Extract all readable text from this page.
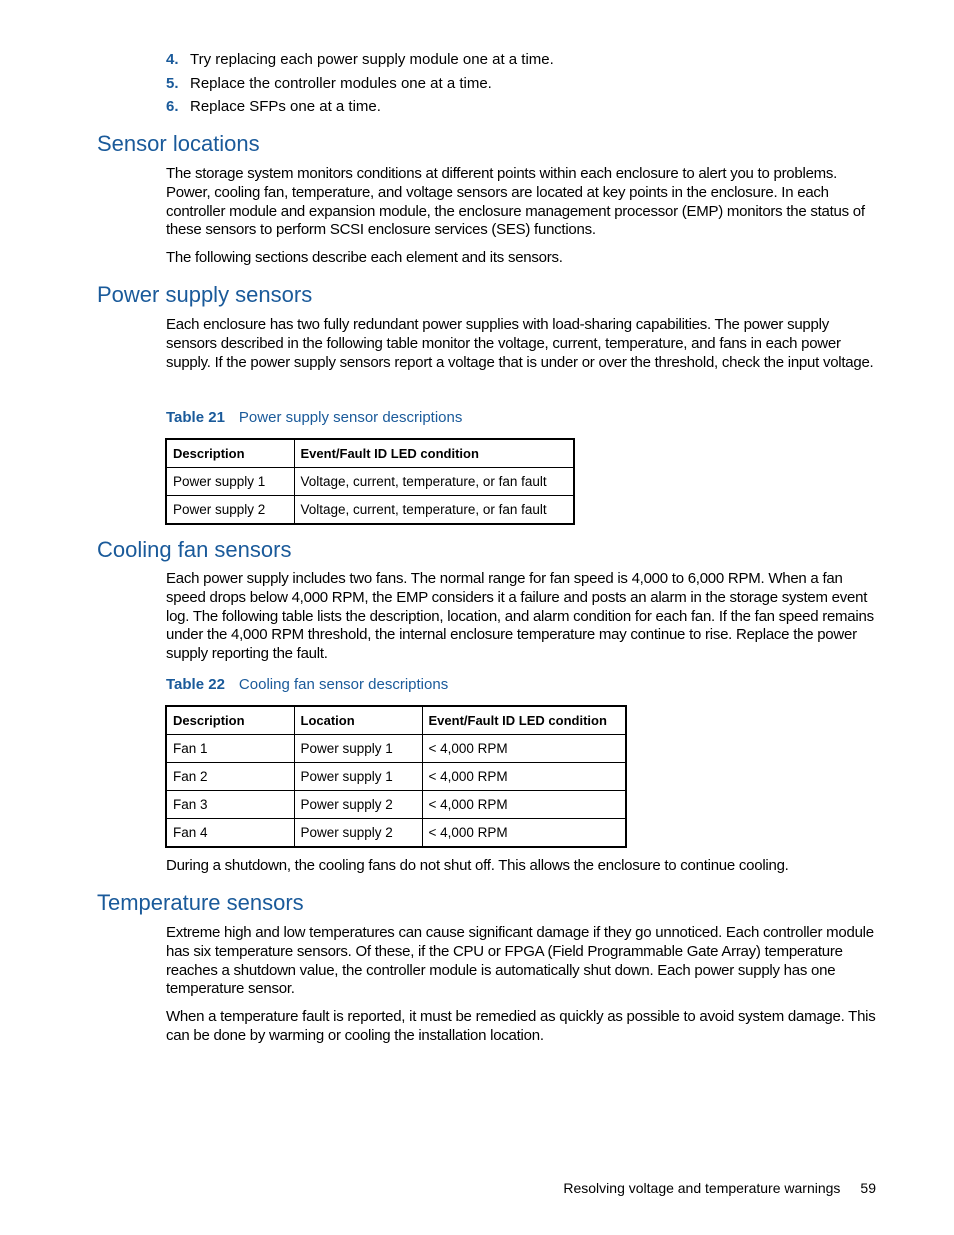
4. Try replacing each power supply module one at a time.
5. Replace the controller modules one at a time.
6. Replace SFPs one at a time.
Sensor locations

The storage system monitors conditions at different points within each enclosure to alert you to problems. Power, cooling fan, temperature, and voltage sensors are located at key points in the enclosure. In each controller module and expansion module, the enclosure management processor (EMP) monitors the status of these sensors to perform SCSI enclosure services (SES) functions.

The following sections describe each element and its sensors.

Power supply sensors

Each enclosure has two fully redundant power supplies with load-sharing capabilities. The power supply sensors described in the following table monitor the voltage, current, temperature, and fans in each power supply. If the power supply sensors report a voltage that is under or over the threshold, check the input voltage.

Table 21 Power supply sensor descriptions
Description	Event/Fault ID LED condition
Power supply 1	Voltage, current, temperature, or fan fault
Power supply 2	Voltage, current, temperature, or fan fault
Cooling fan sensors

Each power supply includes two fans. The normal range for fan speed is 4,000 to 6,000 RPM. When a fan speed drops below 4,000 RPM, the EMP considers it a failure and posts an alarm in the storage system event log. The following table lists the description, location, and alarm condition for each fan. If the fan speed remains under the 4,000 RPM threshold, the internal enclosure temperature may continue to rise. Replace the power supply reporting the fault.

Table 22 Cooling fan sensor descriptions
Description	Location	Event/Fault ID LED condition
Fan 1	Power supply 1	< 4,000 RPM
Fan 2	Power supply 1	< 4,000 RPM
Fan 3	Power supply 2	< 4,000 RPM
Fan 4	Power supply 2	< 4,000 RPM

During a shutdown, the cooling fans do not shut off. This allows the enclosure to continue cooling.

Temperature sensors

Extreme high and low temperatures can cause significant damage if they go unnoticed. Each controller module has six temperature sensors. Of these, if the CPU or FPGA (Field Programmable Gate Array) temperature reaches a shutdown value, the controller module is automatically shut down. Each power supply has one temperature sensor.

When a temperature fault is reported, it must be remedied as quickly as possible to avoid system damage. This can be done by warming or cooling the installation location.

Resolving voltage and temperature warnings 59
